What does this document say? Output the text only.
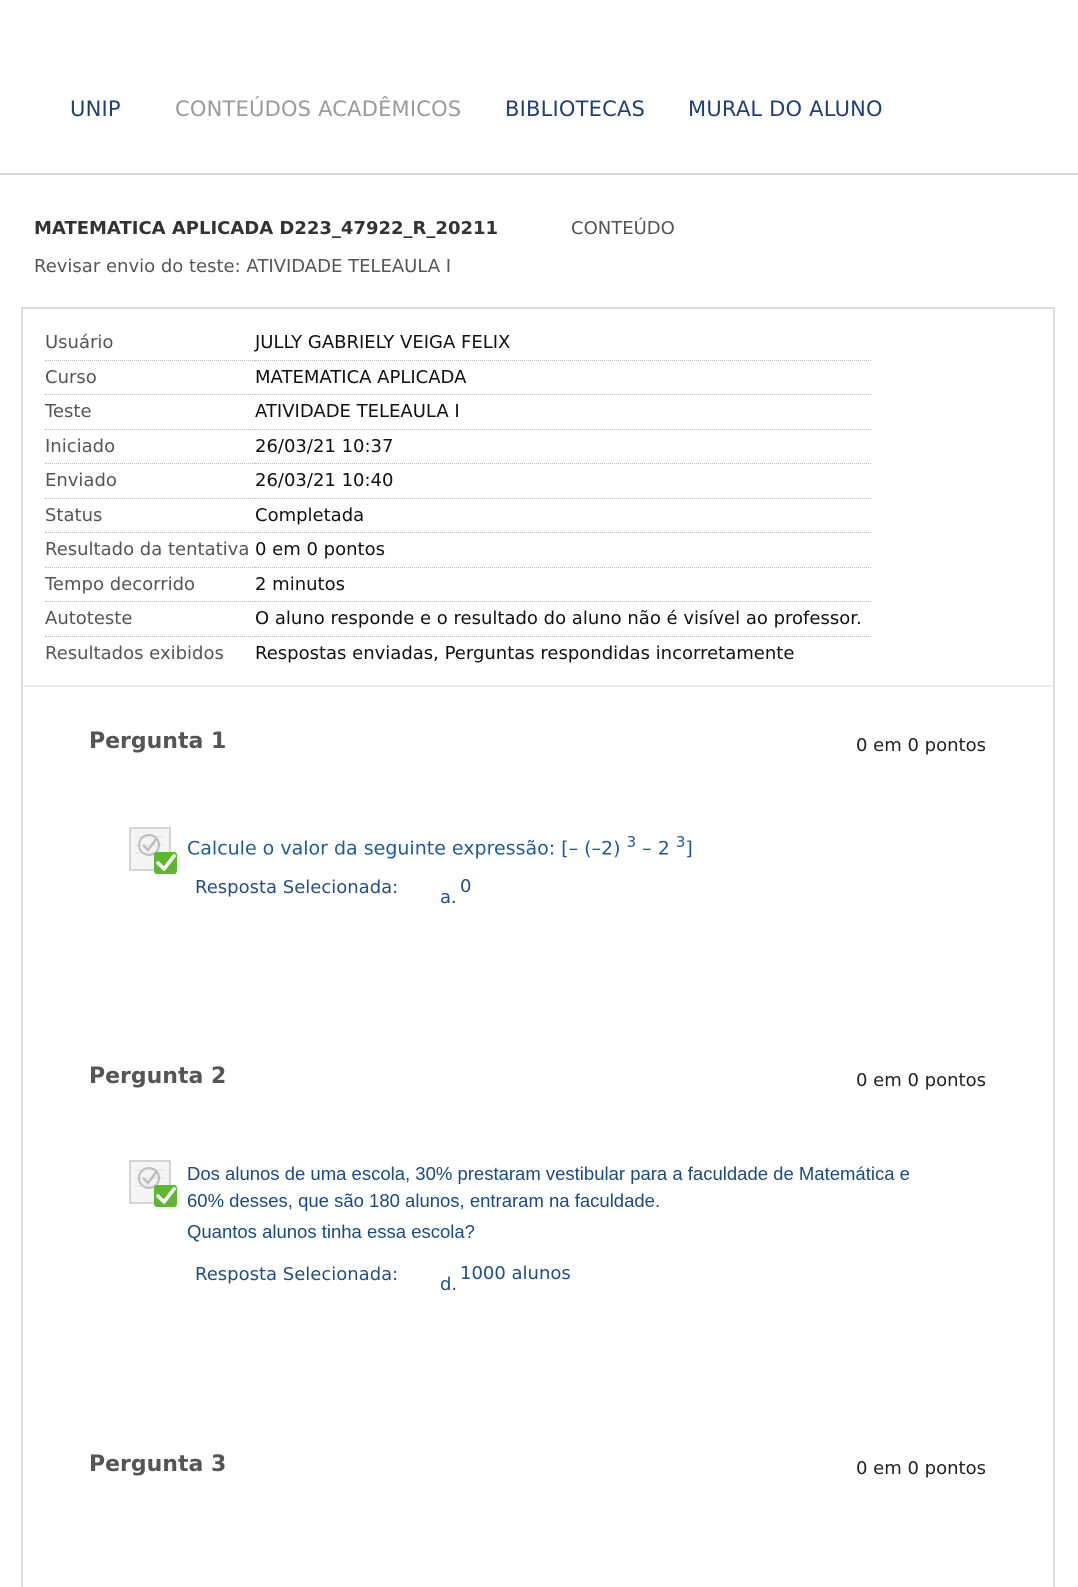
UNIP	CONTEÚDOS ACADÊMICOS BIBLIOTECAS MURAL DO ALUNO
MATEMATICA APLICADA D223_47922_R_20211	CONTEÚDO
Revisar envio do teste: ATIVIDADE TELEAULA I
Usuário	JULLY GABRIELY VEIGA FELIX
Curso	MATEMATICA APLICADA
Teste	ATIVIDADE TELEAULA I
Iniciado	26/03/21 10:37
Enviado	26/03/21 10:40
Status	Completada
Resultado da tentativa	0 em 0 pontos
Tempo decorrido	2 minutos
Autoteste	O aluno responde e o resultado do aluno não é visível ao professor.
Resultados exibidos	Respostas enviadas, Perguntas respondidas incorretamente
Pergunta 1	0 em 0 pontos
Calcule o valor da seguinte expressão: [– (–2) $^3$ – 2 $^3$]
Resposta Selecionada: a.
0
Pergunta 2	0 em 0 pontos
Dos alunos de uma escola, 30% prestaram vestibular para a faculdade de Matemática e
60% desses, que são 180 alunos, entraram na faculdade.
Quantos alunos tinha essa escola?
Resposta Selecionada: d.
1000 alunos
Pergunta 3	0 em 0 pontos
